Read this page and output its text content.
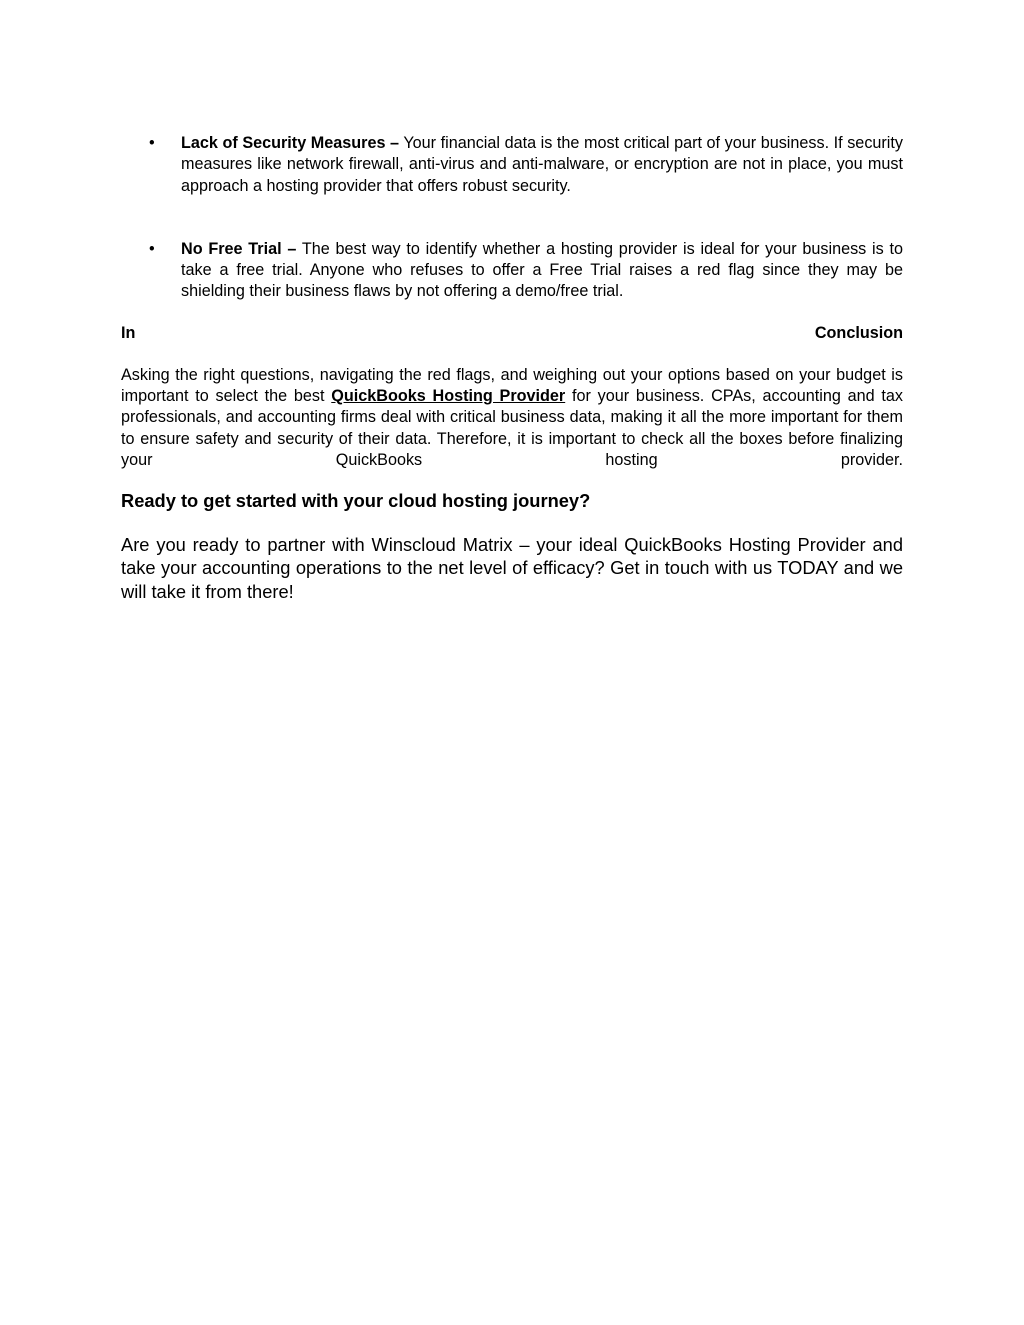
• Lack of Security Measures – Your financial data is the most critical part of your business. If security measures like network firewall, anti-virus and anti-malware, or encryption are not in place, you must approach a hosting provider that offers robust security.
• No Free Trial – The best way to identify whether a hosting provider is ideal for your business is to take a free trial. Anyone who refuses to offer a Free Trial raises a red flag since they may be shielding their business flaws by not offering a demo/free trial.
In	Conclusion

Asking the right questions, navigating the red flags, and weighing out your options based on your budget is important to select the best QuickBooks Hosting Provider for your business. CPAs, accounting and tax professionals, and accounting firms deal with critical business data, making it all the more important for them to ensure safety and security of their data. Therefore, it is important to check all the boxes before finalizing your QuickBooks hosting provider.

Ready to get started with your cloud hosting journey?

Are you ready to partner with Winscloud Matrix – your ideal QuickBooks Hosting Provider and take your accounting operations to the net level of efficacy? Get in touch with us TODAY and we will take it from there!
